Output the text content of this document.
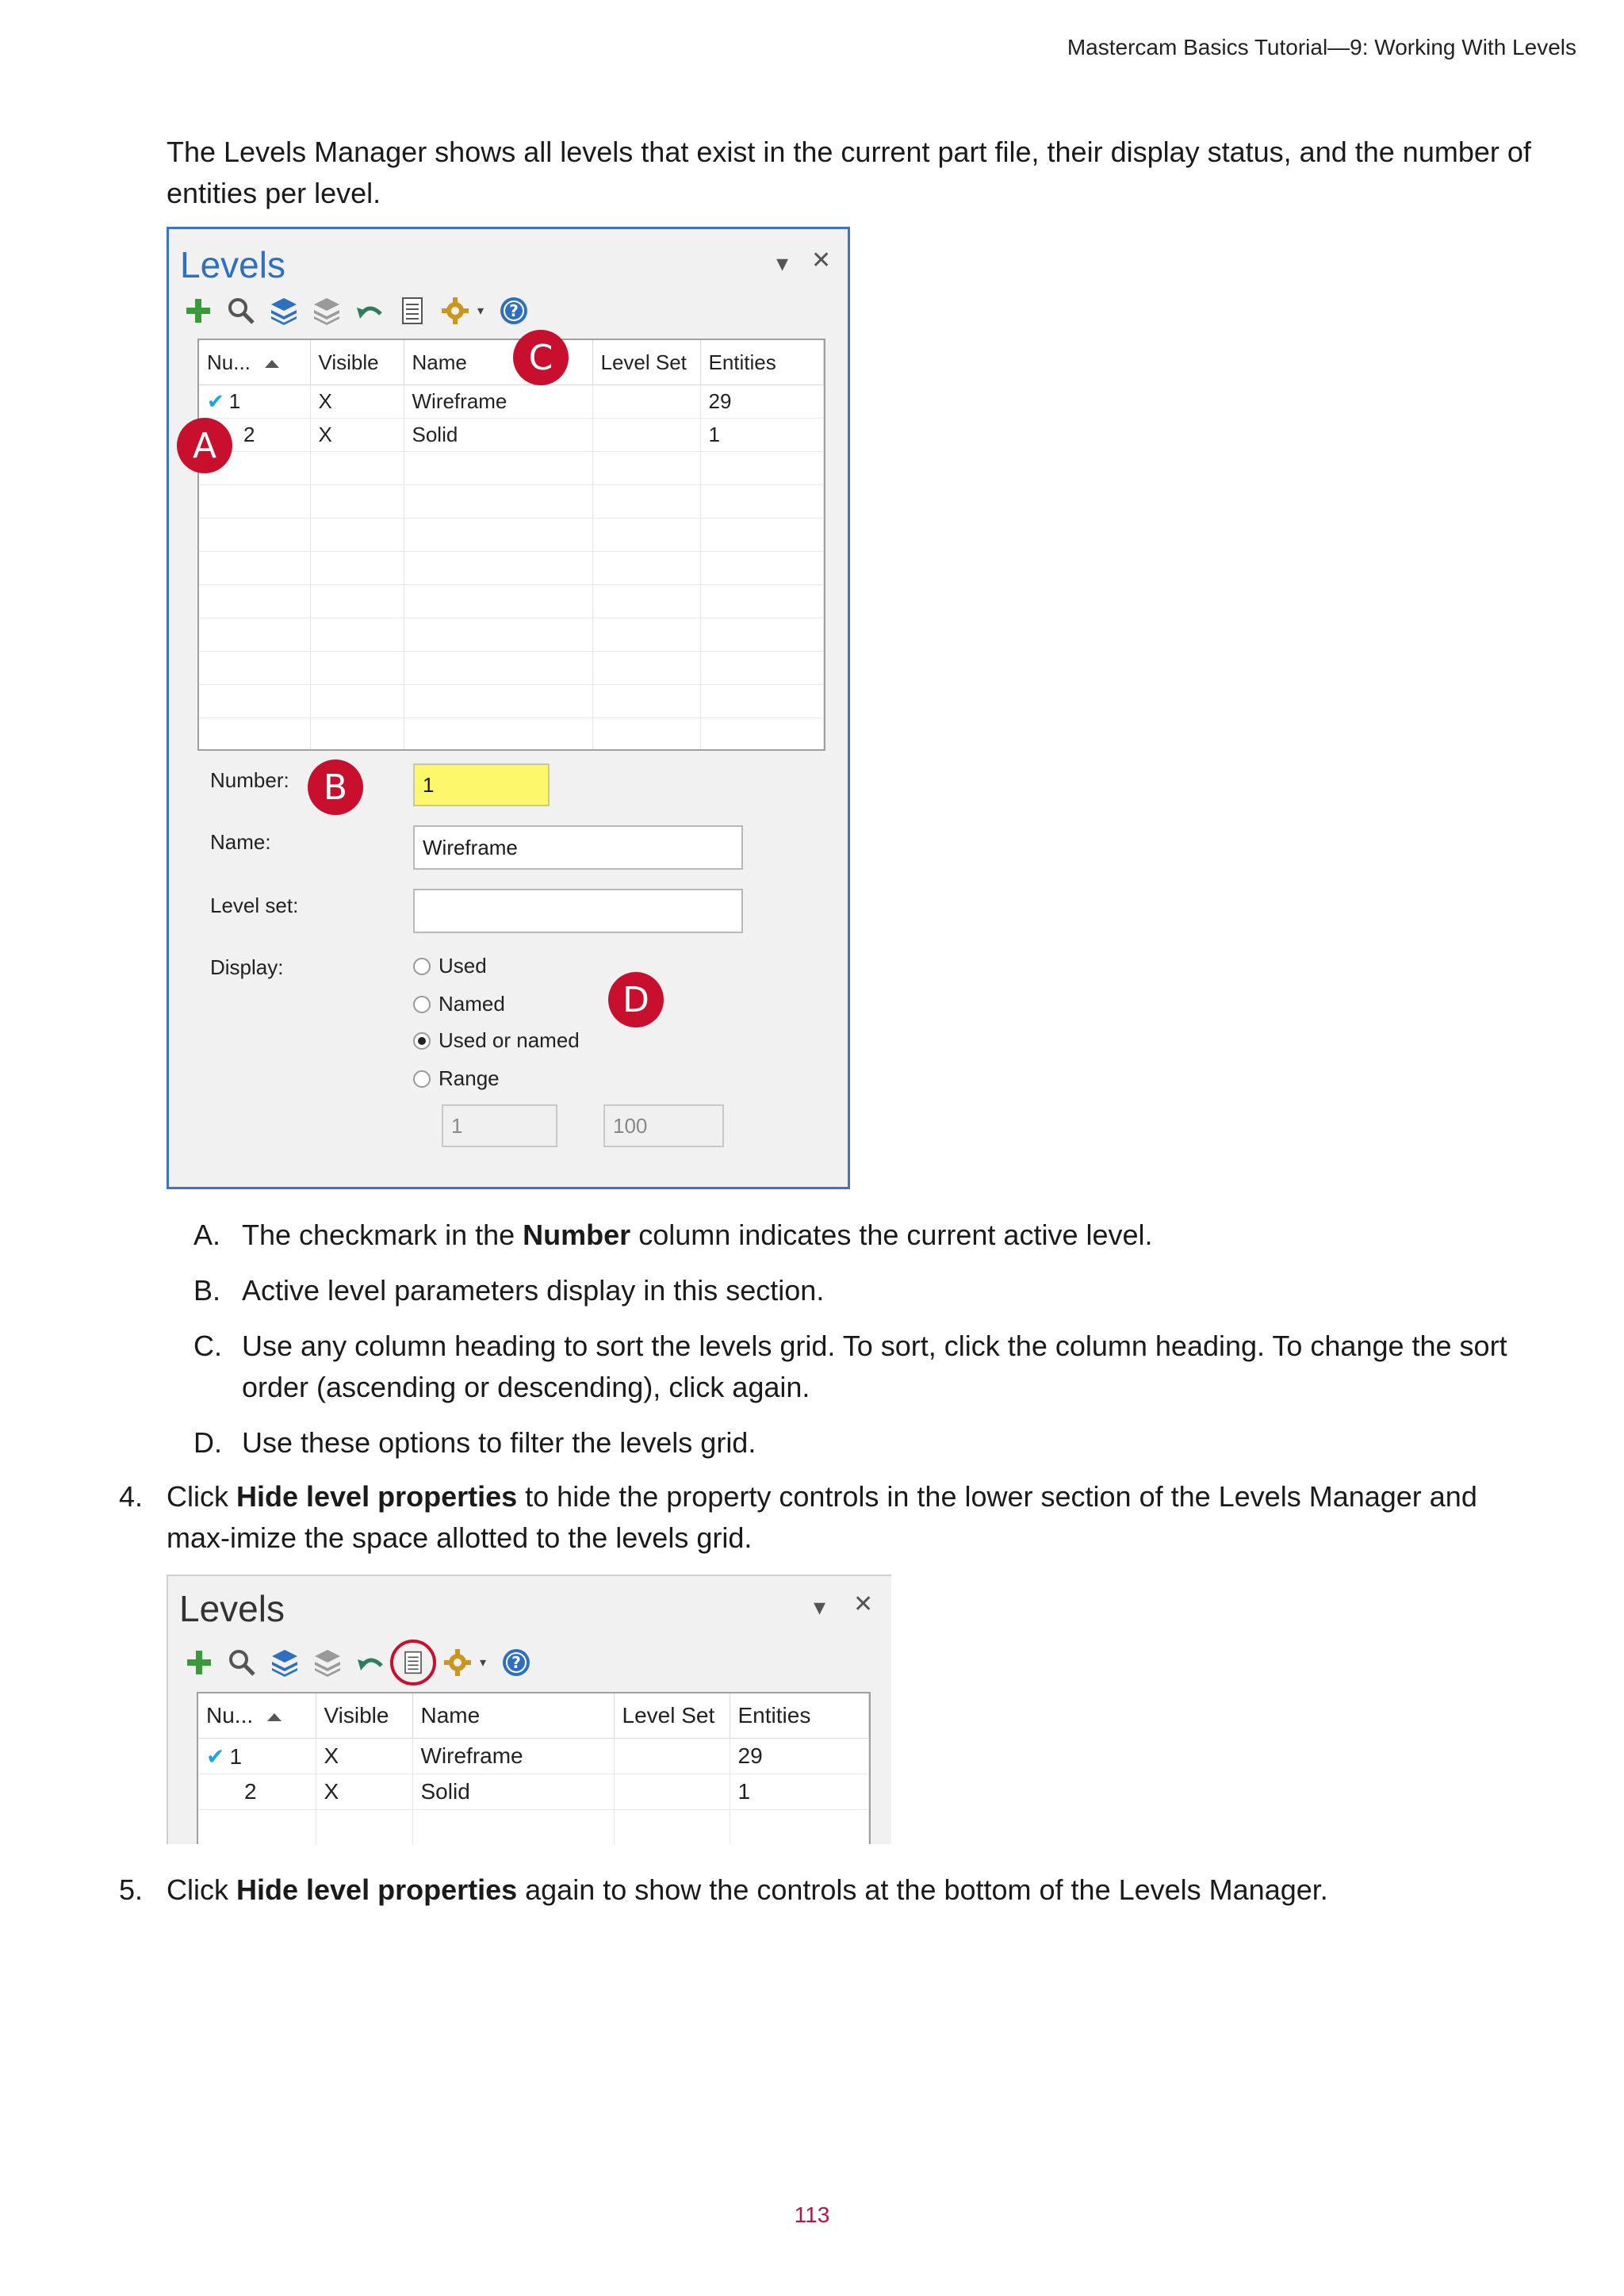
Mastercam Basics Tutorial—9: Working With Levels
The Levels Manager shows all levels that exist in the current part file, their display status, and the number of entities per level.
Levels	▾ ✕
▾ ?
Nu...	Visible	Name	Level Set	Entities
✔ 1	X	Wireframe		29
2	X	Solid		1

Number:	1
Name:	Wireframe
Level set:
Display:	Used
Named
Used or named
Range
1	100
A
B
C
D
A. The checkmark in the Number column indicates the current active level.
B. Active level parameters display in this section.
C. Use any column heading to sort the levels grid. To sort, click the column heading. To change the sort order (ascending or descending), click again.
D. Use these options to filter the levels grid.
4. Click Hide level properties to hide the property controls in the lower section of the Levels Manager and max-imize the space allotted to the levels grid.
Levels	▾ ✕
▾ ?
Nu...	Visible	Name	Level Set	Entities
✔ 1	X	Wireframe		29
2	X	Solid		1

5. Click Hide level properties again to show the controls at the bottom of the Levels Manager.
113
